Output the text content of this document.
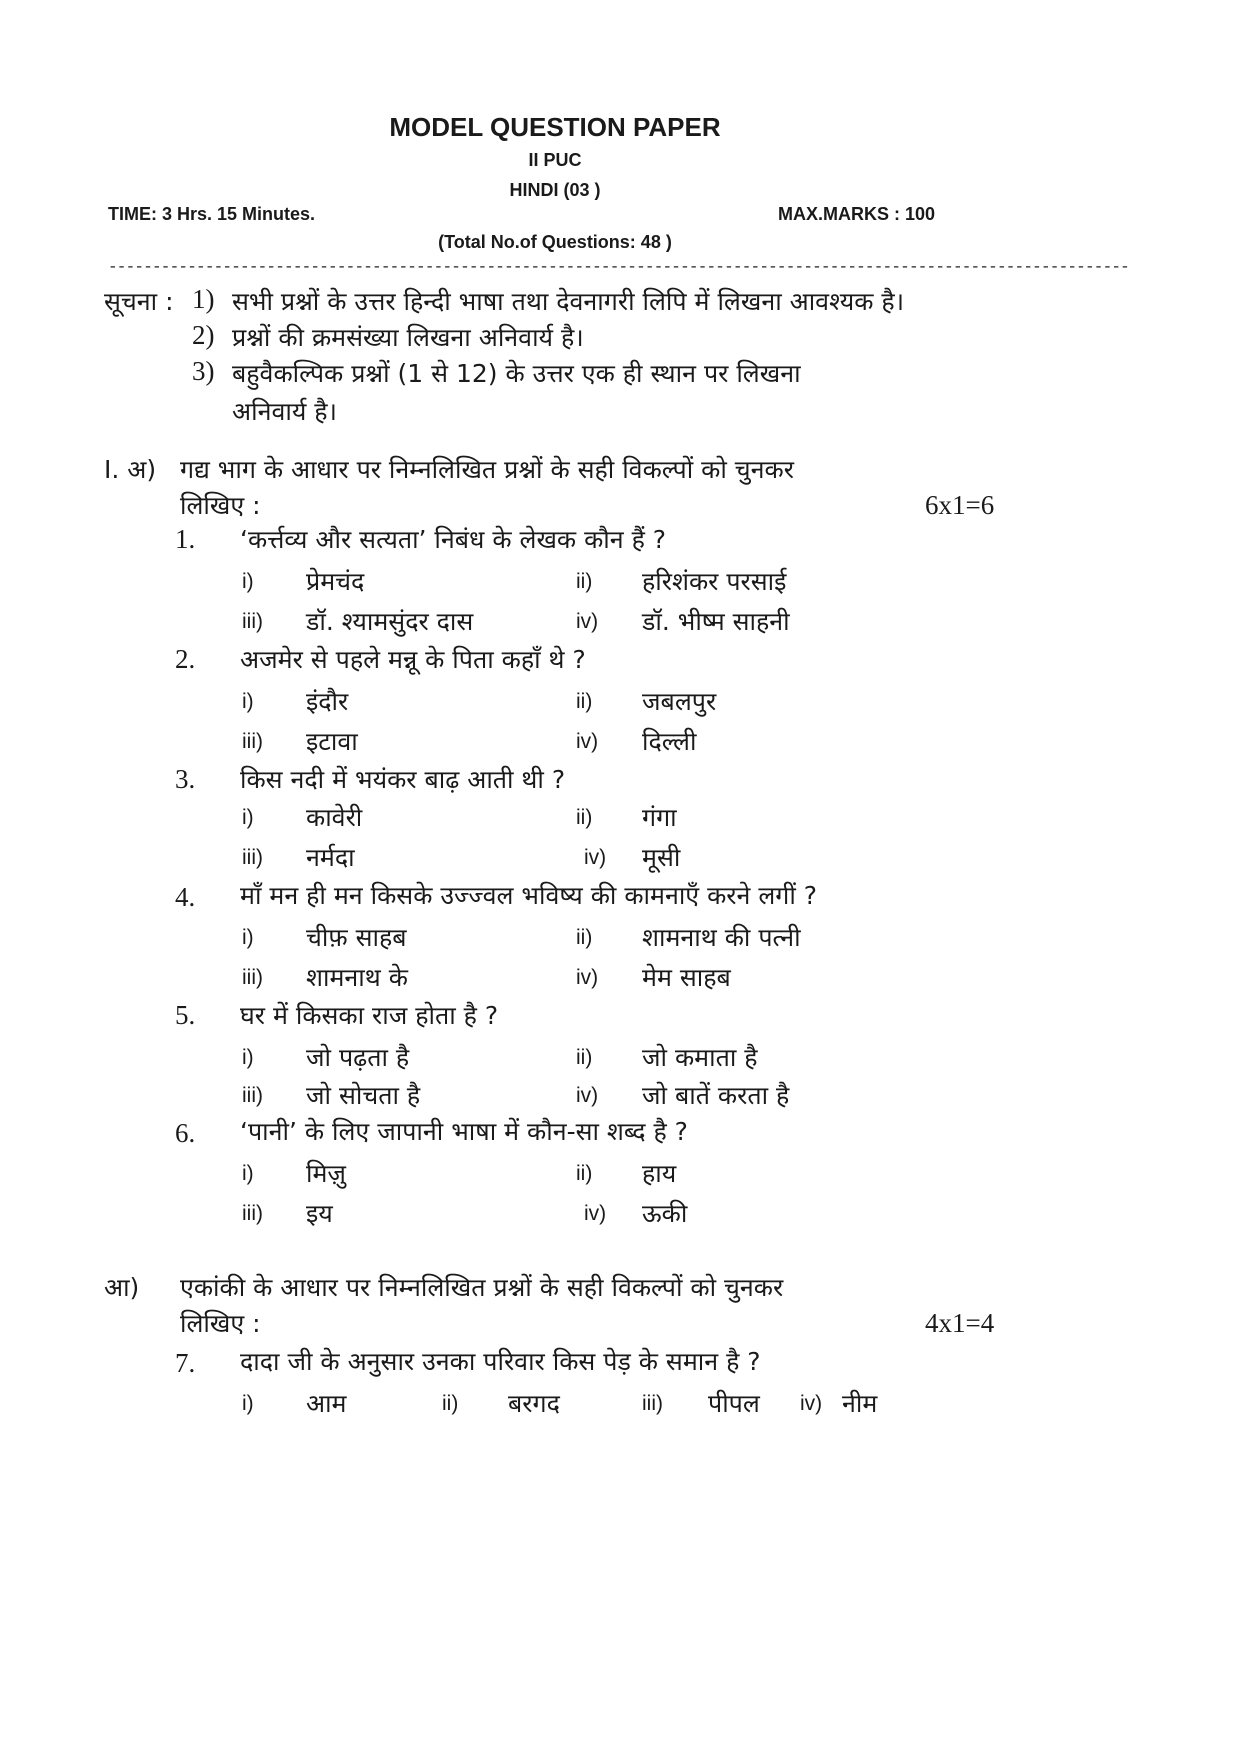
MODEL QUESTION PAPER
II PUC
HINDI (03 )
TIME: 3 Hrs. 15 Minutes.	MAX.MARKS : 100
(Total No.of Questions: 48 )
--------------------------------------------------------------------------------------------------------------------
सूचना : 1) सभी प्रश्नों के उत्तर हिन्दी भाषा तथा देवनागरी लिपि में लिखना आवश्यक है।
2) प्रश्नों की क्रमसंख्या लिखना अनिवार्य है।
3) बहुवैकल्पिक प्रश्नों (1 से 12) के उत्तर एक ही स्थान पर लिखना
अनिवार्य है।
I. अ) गद्य भाग के आधार पर निम्नलिखित प्रश्नों के सही विकल्पों को चुनकर
लिखिए :	6x1=6
1. ‘कर्त्तव्य और सत्यता’ निबंध के लेखक कौन हैं ?
i) प्रेमचंद	ii) हरिशंकर परसाई
iii) डॉ. श्यामसुंदर दास	iv) डॉ. भीष्म साहनी
2. अजमेर से पहले मन्नू के पिता कहाँ थे ?
i) इंदौर	ii) जबलपुर
iii) इटावा	iv) दिल्ली
3. किस नदी में भयंकर बाढ़ आती थी ?
i) कावेरी	ii) गंगा
iii) नर्मदा	iv) मूसी
4. माँ मन ही मन किसके उज्ज्वल भविष्य की कामनाएँ करने लगीं ?
i) चीफ़ साहब	ii) शामनाथ की पत्नी
iii) शामनाथ के	iv) मेम साहब
5. घर में किसका राज होता है ?
i) जो पढ़ता है	ii) जो कमाता है
iii) जो सोचता है	iv) जो बातें करता है
6. ‘पानी’ के लिए जापानी भाषा में कौन-सा शब्द है ?
i) मिज़ु	ii) हाय
iii) इय	iv) ऊकी
आ) एकांकी के आधार पर निम्नलिखित प्रश्नों के सही विकल्पों को चुनकर
लिखिए :	4x1=4
7. दादा जी के अनुसार उनका परिवार किस पेड़ के समान है ?
i) आम	ii) बरगद	iii) पीपल iv) नीम
